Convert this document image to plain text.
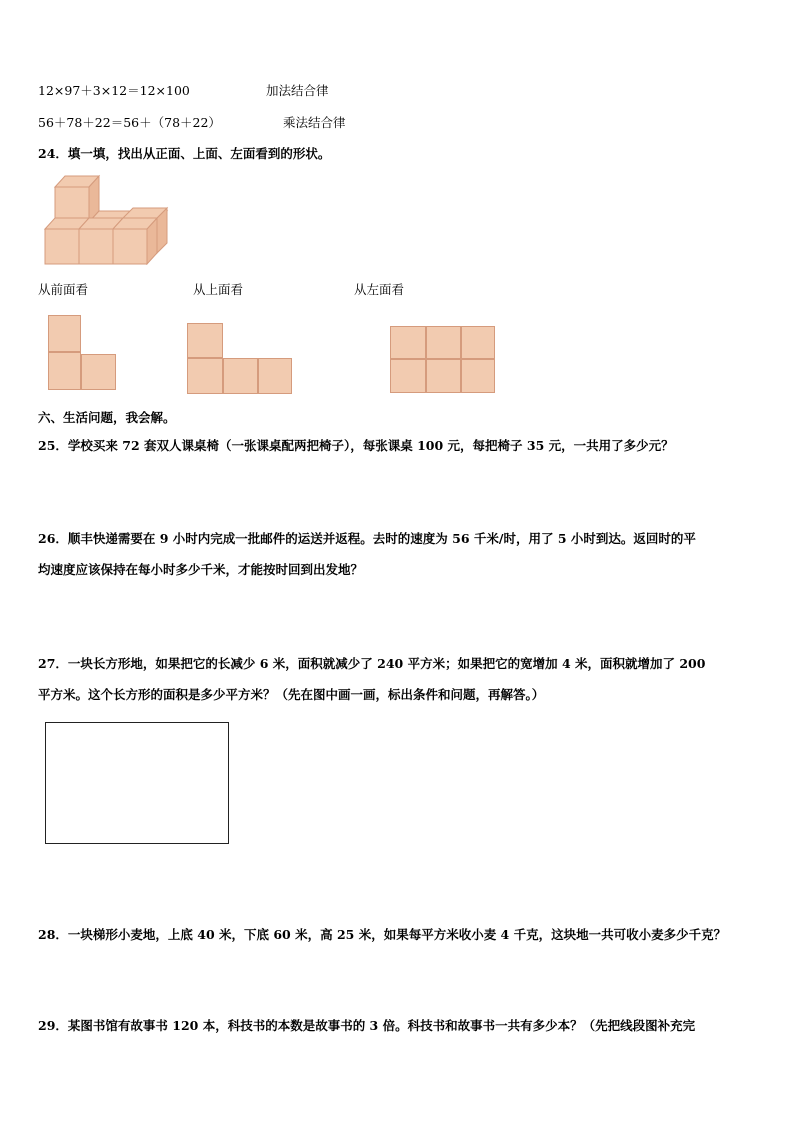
12×97＋3×12＝12×100	加法结合律
56＋78＋22＝56＋（78＋22）	乘法结合律
24．填一填，找出从正面、上面、左面看到的形状。
从前面看	从上面看	从左面看
六、生活问题，我会解。
25．学校买来 72 套双人课桌椅（一张课桌配两把椅子），每张课桌 100 元，每把椅子 35 元，一共用了多少元？
26．顺丰快递需要在 9 小时内完成一批邮件的运送并返程。去时的速度为 56 千米/时，用了 5 小时到达。返回时的平
均速度应该保持在每小时多少千米，才能按时回到出发地？
27．一块长方形地，如果把它的长减少 6 米，面积就减少了 240 平方米；如果把它的宽增加 4 米，面积就增加了 200
平方米。这个长方形的面积是多少平方米？（先在图中画一画，标出条件和问题，再解答。）
28．一块梯形小麦地，上底 40 米，下底 60 米，高 25 米，如果每平方米收小麦 4 千克，这块地一共可收小麦多少千克？
29．某图书馆有故事书 120 本，科技书的本数是故事书的 3 倍。科技书和故事书一共有多少本？（先把线段图补充完
